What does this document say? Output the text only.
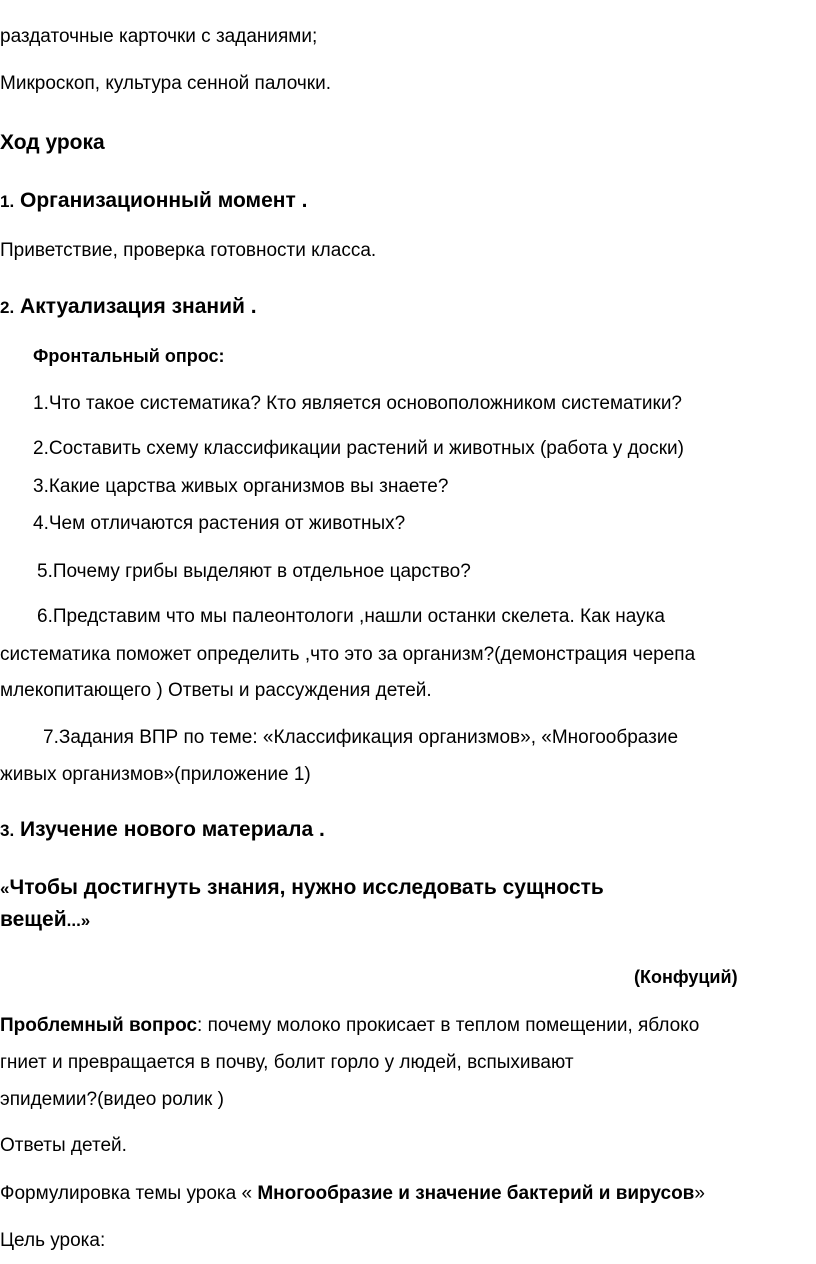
раздаточные карточки с заданиями;
Микроскоп, культура сенной палочки.
Ход урока
1. Организационный момент .
Приветствие, проверка готовности класса.
2. Актуализация знаний .
Фронтальный опрос:
1.Что такое систематика? Кто является основоположником систематики?
2.Составить схему классификации растений и животных (работа у доски)
3.Какие царства живых организмов вы знаете?
4.Чем отличаются растения от животных?
5.Почему грибы выделяют в отдельное царство?
6.Представим что мы палеонтологи ,нашли останки скелета. Как наука
систематика поможет определить ,что это за организм?(демонстрация черепа
млекопитающего ) Ответы и рассуждения детей.
7.Задания ВПР по теме: «Классификация организмов», «Многообразие
живых организмов»(приложение 1)
3. Изучение нового материала .
«Чтобы достигнуть знания, нужно исследовать сущность
вещей...»
(Конфуций)
Проблемный вопрос: почему молоко прокисает в теплом помещении, яблоко
гниет и превращается в почву, болит горло у людей, вспыхивают
эпидемии?(видео ролик )
Ответы детей.
Формулировка темы урока « Многообразие и значение бактерий и вирусов»
Цель урока:
